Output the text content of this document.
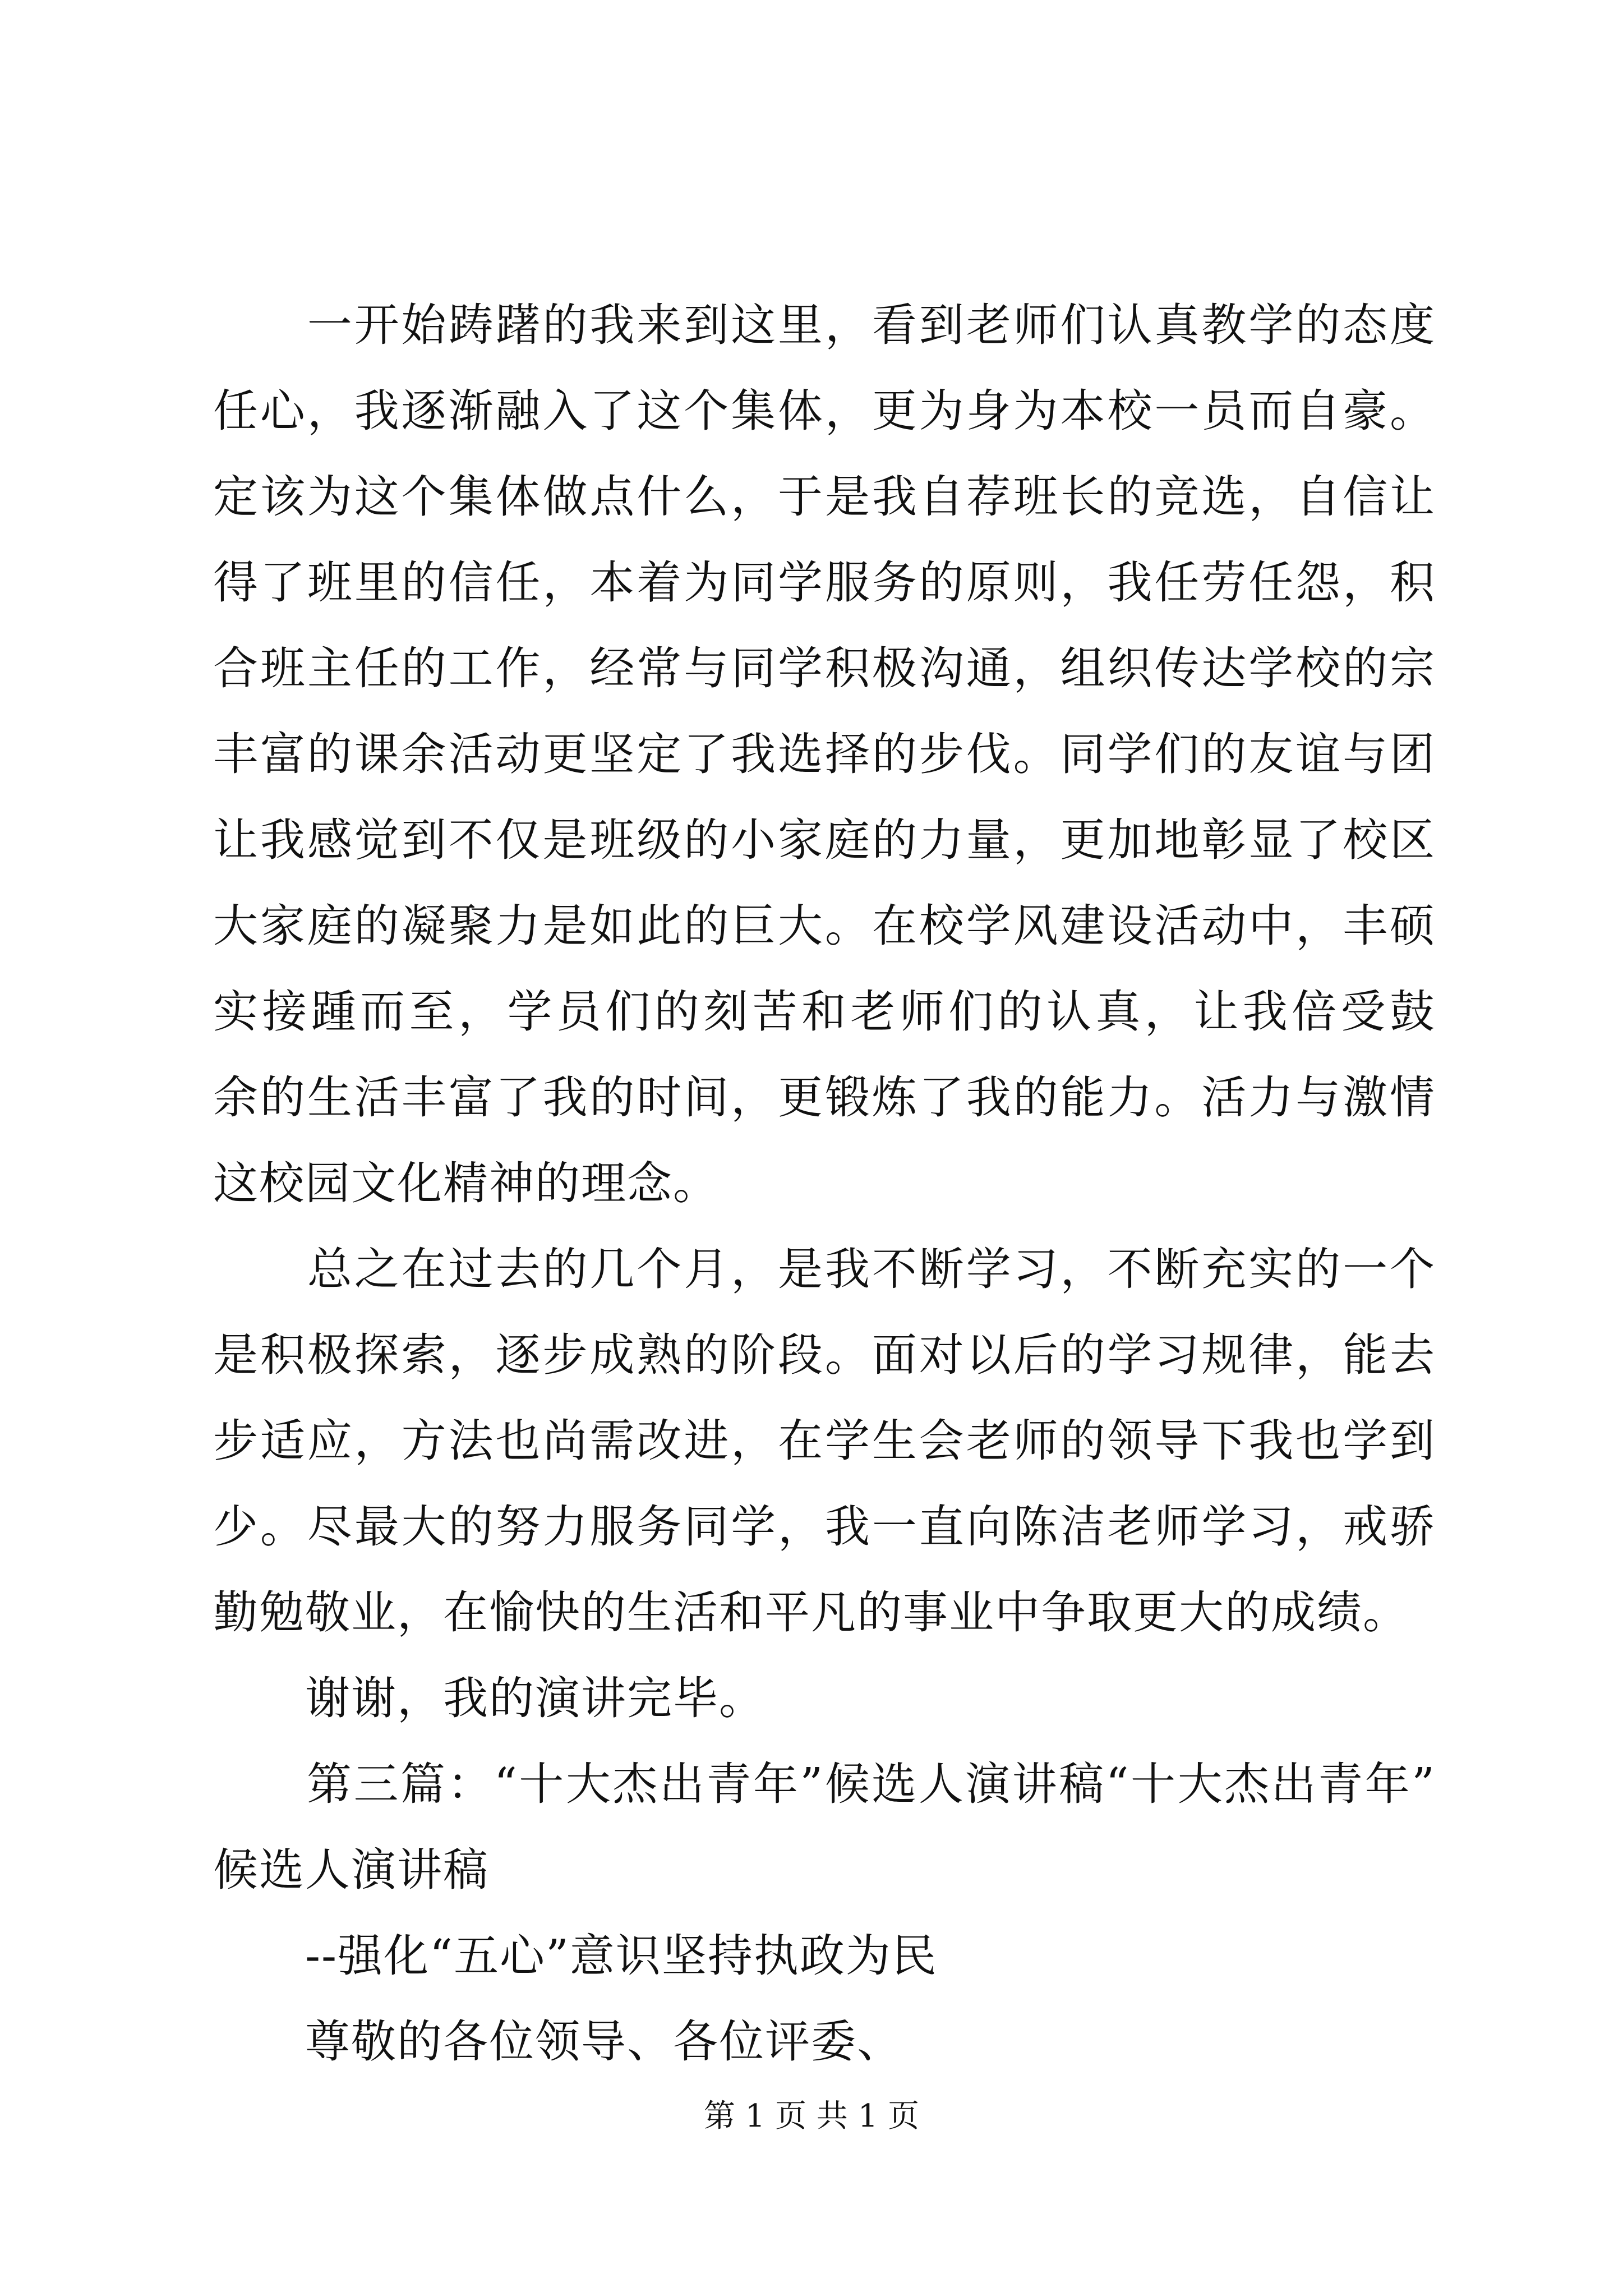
　　一开始踌躇的我来到这里，看到老师们认真教学的态度
任心，我逐渐融入了这个集体，更为身为本校一员而自豪。
定该为这个集体做点什么，于是我自荐班长的竞选，自信让
得了班里的信任，本着为同学服务的原则，我任劳任怨，积
合班主任的工作，经常与同学积极沟通，组织传达学校的宗
丰富的课余活动更坚定了我选择的步伐。同学们的友谊与团
让我感觉到不仅是班级的小家庭的力量，更加地彰显了校区
大家庭的凝聚力是如此的巨大。在校学风建设活动中，丰硕
实接踵而至，学员们的刻苦和老师们的认真，让我倍受鼓
余的生活丰富了我的时间，更锻炼了我的能力。活力与激情
这校园文化精神的理念。
　　总之在过去的几个月，是我不断学习，不断充实的一个
是积极探索，逐步成熟的阶段。面对以后的学习规律，能去
步适应，方法也尚需改进，在学生会老师的领导下我也学到
少。尽最大的努力服务同学，我一直向陈洁老师学习，戒骄
勤勉敬业，在愉快的生活和平凡的事业中争取更大的成绩。
　　谢谢，我的演讲完毕。
　　第三篇：“十大杰出青年”候选人演讲稿“十大杰出青年”
候选人演讲稿
　　--强化“五心”意识坚持执政为民
　　尊敬的各位领导、各位评委、
第 1 页 共 1 页
